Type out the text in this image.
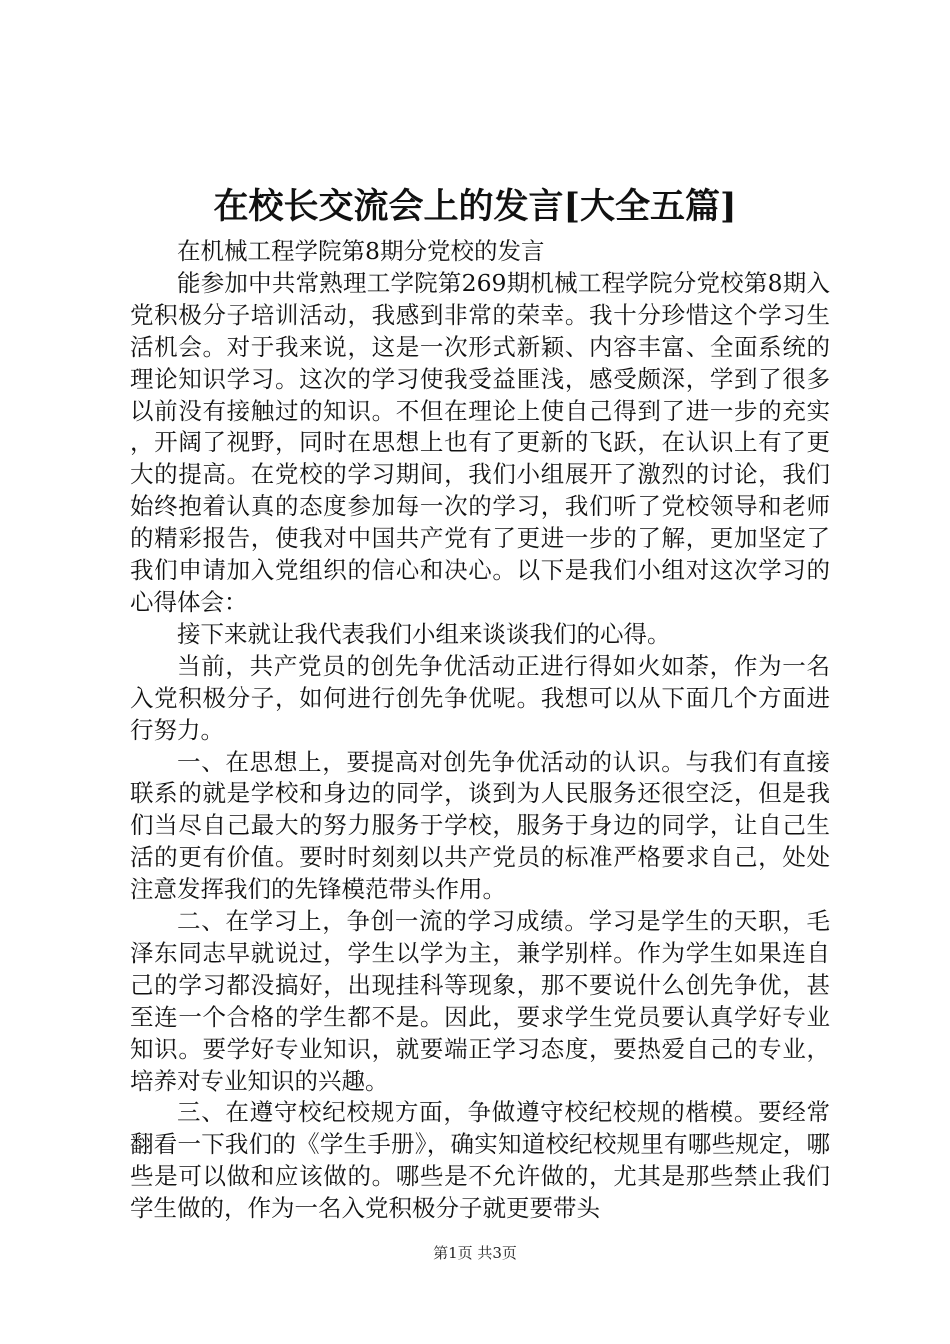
在校长交流会上的发言[大全五篇]

在机械工程学院第8期分党校的发言

能参加中共常熟理工学院第269期机械工程学院分党校第8期入党积极分子培训活动，我感到非常的荣幸。我十分珍惜这个学习生活机会。对于我来说，这是一次形式新颖、内容丰富、全面系统的理论知识学习。这次的学习使我受益匪浅，感受颇深，学到了很多以前没有接触过的知识。不但在理论上使自己得到了进一步的充实，开阔了视野，同时在思想上也有了更新的飞跃，在认识上有了更大的提高。在党校的学习期间，我们小组展开了激烈的讨论，我们始终抱着认真的态度参加每一次的学习，我们听了党校领导和老师的精彩报告，使我对中国共产党有了更进一步的了解，更加坚定了我们申请加入党组织的信心和决心。以下是我们小组对这次学习的心得体会：

接下来就让我代表我们小组来谈谈我们的心得。

当前，共产党员的创先争优活动正进行得如火如荼，作为一名入党积极分子，如何进行创先争优呢。我想可以从下面几个方面进行努力。

一、在思想上，要提高对创先争优活动的认识。与我们有直接联系的就是学校和身边的同学，谈到为人民服务还很空泛，但是我们当尽自己最大的努力服务于学校，服务于身边的同学，让自己生活的更有价值。要时时刻刻以共产党员的标准严格要求自己，处处注意发挥我们的先锋模范带头作用。

二、在学习上，争创一流的学习成绩。学习是学生的天职，毛泽东同志早就说过，学生以学为主，兼学别样。作为学生如果连自己的学习都没搞好，出现挂科等现象，那不要说什么创先争优，甚至连一个合格的学生都不是。因此，要求学生党员要认真学好专业知识。要学好专业知识，就要端正学习态度，要热爱自己的专业，培养对专业知识的兴趣。

三、在遵守校纪校规方面，争做遵守校纪校规的楷模。要经常翻看一下我们的《学生手册》，确实知道校纪校规里有哪些规定，哪些是可以做和应该做的。哪些是不允许做的，尤其是那些禁止我们学生做的，作为一名入党积极分子就更要带头

第1页 共3页
